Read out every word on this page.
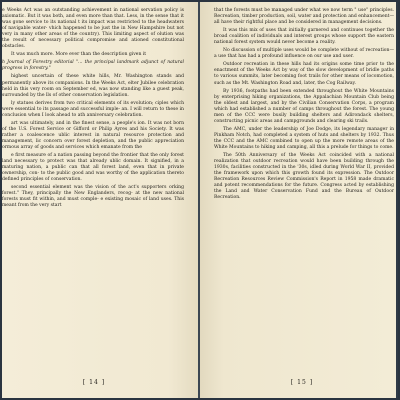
e Weeks Act was an outstanding achievement in national servation policy is axiomatic. But it was both, and even more than that. Less, in the sense that it was gone service to its national t its impact was restricted to the headwaters of navigable water- vhich happened to be just the in New Hampshire but not very in many other areas of the country). This limiting aspect of olution was the result of necessary political compromise and ationed constitutional obstacles.

It was much more. More ever than the description given it

h Journal of Forestry editorial "... the principal landmark adjunct of natural progress in forestry."

highest uncertain of these white hills, Mr. Washington stands and permanently above its companions. In the Weeks Act, elter Jubilee celebration held in this very room on September ed, was now standing like a guest peak, surrounded by the lls of other conservation legislation.

ly statues derives from two critical elements of its evolution; ciples which were essential to its passage and successful imple- an. I will return to these in conclusion when I look ahead to ath anniversary celebration.

art was ultimately, and in the finest sense, a people's ion. It was not born of the U.S. Forest Service or Gifford or Philip Ayres and his Society. It was rather a coalescence ublic interest in natural resource protection and management, lic concern over forest depletion, and the public appreciation ormous array of goods and services which emanate from the

e first measure of a nation passing beyond the frontier that the only forest land necessary to protect was that already ublic domain. It signified, in a maturing nation, a public can that all forest land, even that in private ownership, con- to the public good and was worthy of the application thereto defined principles of conservation.

second essential element was the vision of the act's supporters orking forest." They, principally the New Englanders, recog- at the new national forests must fit within, and must comple- e existing mosaic of land uses. This meant from the very start

[ 14 ]

that the forests must be managed under what we now term " use" principles. Recreation, timber production, soil, water and protection and enhancement—all have their rightful place and be considered in management decisions.

It was this mix of uses that initially garnered and continues together the broad coalition of individuals and interest groups whose support the eastern national forest system would never become a reality.

No discussion of multiple uses would be complete without of recreation—a use that has had a profound influence on our use and user.

Outdoor recreation in these hills had its origins some time prior to the enactment of the Weeks Act by way of the slow development of bridle paths to various summits, later becoming foot trails for other means of locomotion, such as the Mt. Washington Road and, later, the Cog Railway.

By 1936, footpaths had been extended throughout the White Mountains by enterprising hiking organizations, the Appalachian Mountain Club being the oldest and largest, and by the Civilian Conservation Corps, a program which had established a number of camps throughout the forest. The young men of the CCC were busily building shelters and Adirondack shelters, constructing picnic areas and campgrounds and clearing ski trails.

The AMC, under the leadership of Joe Dodge, its legendary manager in Pinkham Notch, had completed a system of huts and shelters by 1932. Thus the CCC and the AMC combined to open up the more remote areas of the White Mountains to hiking and camping, all this a prelude for things to come.

The 50th Anniversary of the Weeks Act coincided with a national realization that outdoor recreation would have been building through the 1930s, facilities constructed in the '30s, idled during World War II, provided the framework upon which this growth found its expression. The Outdoor Recreation Resources Review Commission's Report in 1958 made dramatic and potent recommendations for the future. Congress acted by establishing the Land and Water Conservation Fund and the Bureau of Outdoor Recreation.

[ 15 ]
